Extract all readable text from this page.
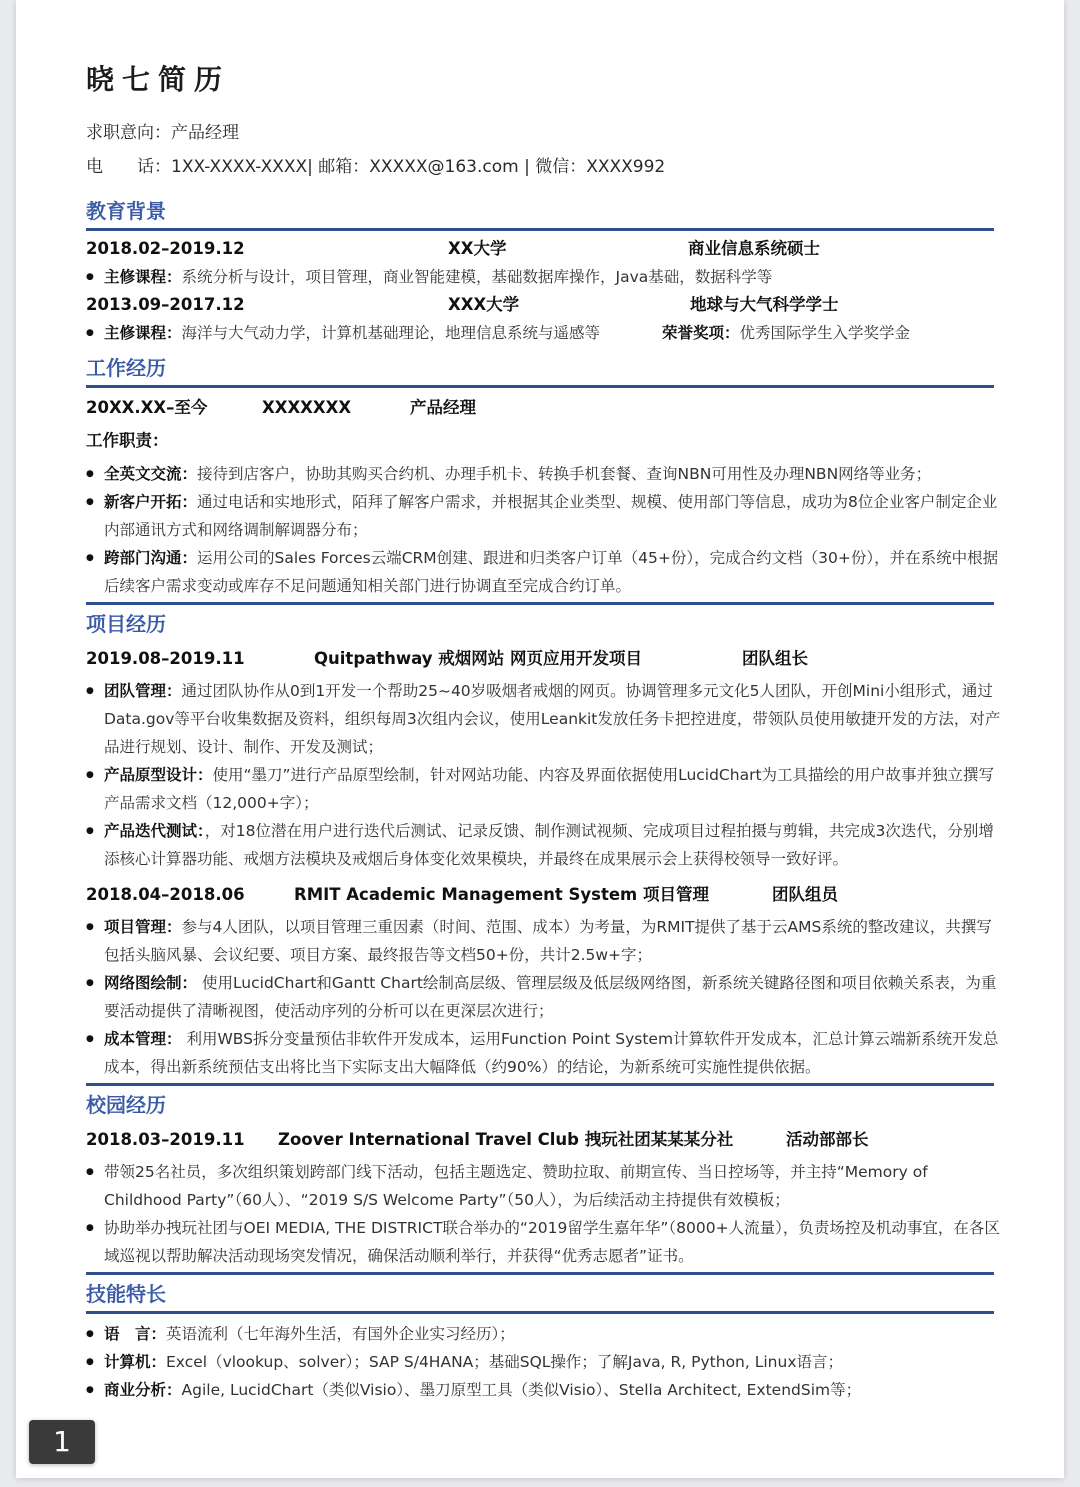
晓七简历
求职意向：产品经理
电　　话：1XX-XXXX-XXXX| 邮箱：XXXXX@163.com | 微信：XXXX992
教育背景
2018.02–2019.12	XX大学	商业信息系统硕士
● 主修课程：系统分析与设计，项目管理，商业智能建模，基础数据库操作，Java基础，数据科学等
2013.09–2017.12	XXX大学	地球与大气科学学士
● 主修课程：海洋与大气动力学，计算机基础理论，地理信息系统与遥感等	荣誉奖项：优秀国际学生入学奖学金
工作经历
20XX.XX–至今	XXXXXXX	产品经理
工作职责：
● 全英文交流：接待到店客户，协助其购买合约机、办理手机卡、转换手机套餐、查询NBN可用性及办理NBN网络等业务；
● 新客户开拓：通过电话和实地形式，陌拜了解客户需求，并根据其企业类型、规模、使用部门等信息，成功为8位企业客户制定企业内部通讯方式和网络调制解调器分布；
● 跨部门沟通：运用公司的Sales Forces云端CRM创建、跟进和归类客户订单（45+份），完成合约文档（30+份），并在系统中根据后续客户需求变动或库存不足问题通知相关部门进行协调直至完成合约订单。
项目经历
2019.08–2019.11	Quitpathway 戒烟网站 网页应用开发项目	团队组长
● 团队管理：通过团队协作从0到1开发一个帮助25~40岁吸烟者戒烟的网页。协调管理多元文化5人团队，开创Mini小组形式，通过Data.gov等平台收集数据及资料，组织每周3次组内会议，使用Leankit发放任务卡把控进度，带领队员使用敏捷开发的方法，对产品进行规划、设计、制作、开发及测试；
● 产品原型设计：使用“墨刀”进行产品原型绘制，针对网站功能、内容及界面依据使用LucidChart为工具描绘的用户故事并独立撰写产品需求文档（12,000+字）；
● 产品迭代测试：，对18位潜在用户进行迭代后测试、记录反馈、制作测试视频、完成项目过程拍摄与剪辑，共完成3次迭代，分别增添核心计算器功能、戒烟方法模块及戒烟后身体变化效果模块，并最终在成果展示会上获得校领导一致好评。
2018.04–2018.06	RMIT Academic Management System 项目管理	团队组员
● 项目管理：参与4人团队，以项目管理三重因素（时间、范围、成本）为考量，为RMIT提供了基于云AMS系统的整改建议，共撰写包括头脑风暴、会议纪要、项目方案、最终报告等文档50+份，共计2.5w+字；
● 网络图绘制： 使用LucidChart和Gantt Chart绘制高层级、管理层级及低层级网络图，新系统关键路径图和项目依赖关系表，为重要活动提供了清晰视图，使活动序列的分析可以在更深层次进行；
● 成本管理： 利用WBS拆分变量预估非软件开发成本，运用Function Point System计算软件开发成本，汇总计算云端新系统开发总成本，得出新系统预估支出将比当下实际支出大幅降低（约90%）的结论，为新系统可实施性提供依据。
校园经历
2018.03–2019.11 Zoover International Travel Club 拽玩社团某某某分社	活动部部长
● 带领25名社员，多次组织策划跨部门线下活动，包括主题选定、赞助拉取、前期宣传、当日控场等，并主持“Memory of Childhood Party”（60人）、“2019 S/S Welcome Party”（50人），为后续活动主持提供有效模板；
● 协助举办拽玩社团与OEI MEDIA, THE DISTRICT联合举办的“2019留学生嘉年华”（8000+人流量），负责场控及机动事宜，在各区域巡视以帮助解决活动现场突发情况，确保活动顺利举行，并获得“优秀志愿者”证书。
技能特长
● 语　言：英语流利（七年海外生活，有国外企业实习经历）；
● 计算机：Excel（vlookup、solver）；SAP S/4HANA；基础SQL操作；了解Java, R, Python, Linux语言；
● 商业分析：Agile, LucidChart（类似Visio）、墨刀原型工具（类似Visio）、Stella Architect, ExtendSim等；
1
